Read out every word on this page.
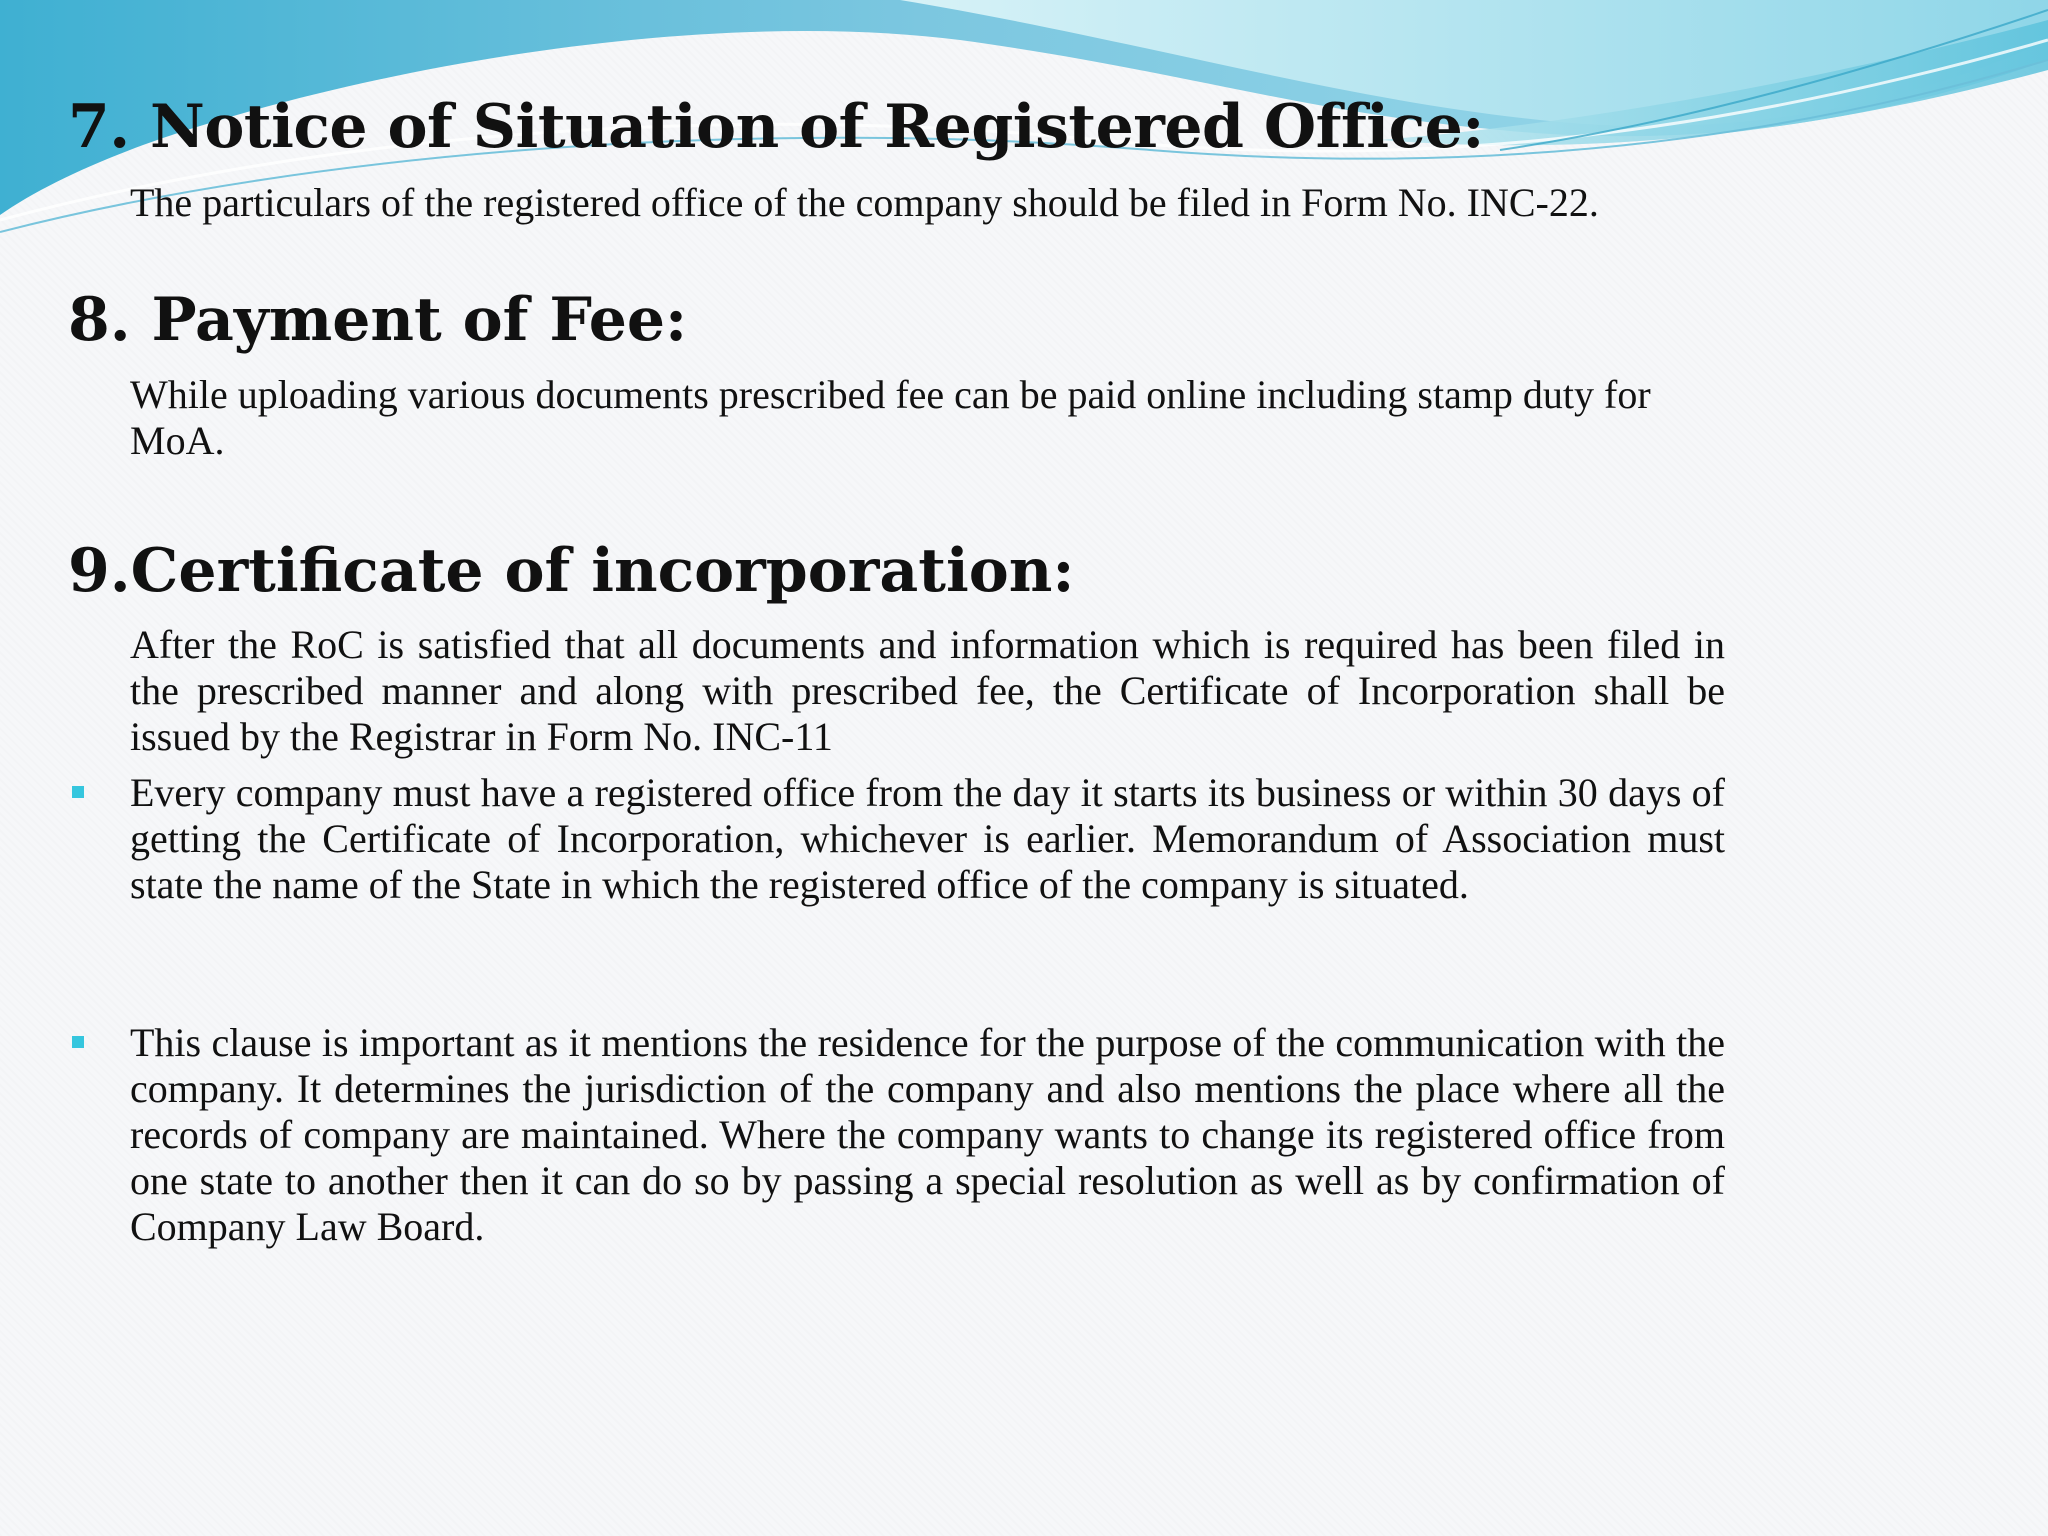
7. Notice of Situation of Registered Office:

The particulars of the registered office of the company should be filed in Form No. INC-22.

8. Payment of Fee:

While uploading various documents prescribed fee can be paid online including stamp duty for MoA.

9.Certificate of incorporation:

After the RoC is satisfied that all documents and information which is required has been filed in the prescribed manner and along with prescribed fee, the Certificate of Incorporation shall be issued by the Registrar in Form No. INC-11

Every company must have a registered office from the day it starts its business or within 30 days of getting the Certificate of Incorporation, whichever is earlier. Memorandum of Association must state the name of the State in which the registered office of the company is situated.

This clause is important as it mentions the residence for the purpose of the communication with the company. It determines the jurisdiction of the company and also mentions the place where all the records of company are maintained. Where the company wants to change its registered office from one state to another then it can do so by passing a special resolution as well as by confirmation of Company Law Board.
